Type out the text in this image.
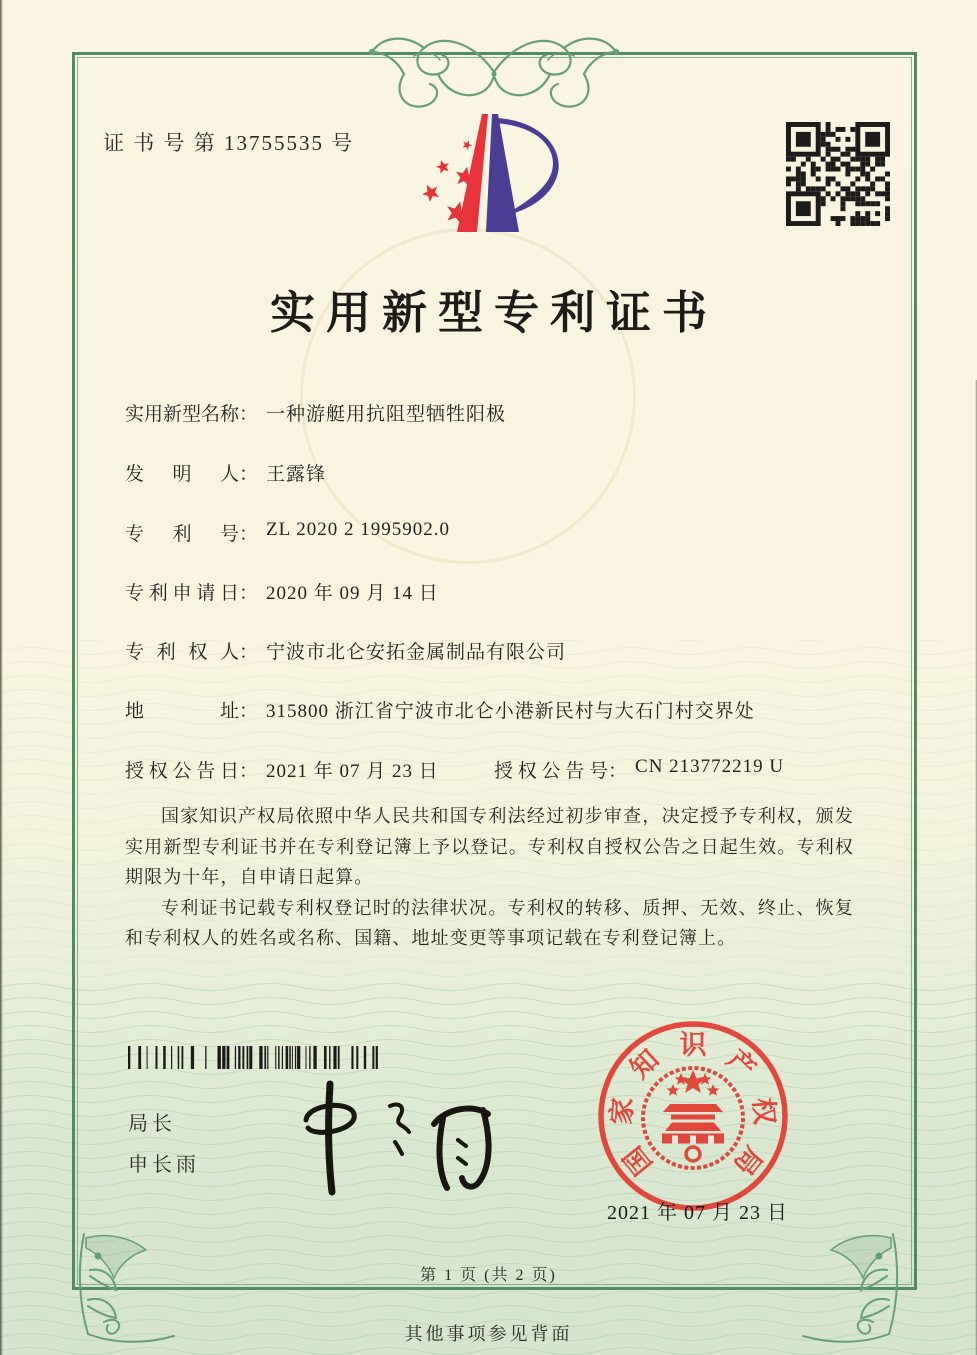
证 书 号 第 13755535 号
实用新型专利证书
实用新型名称： 一种游艇用抗阻型牺牲阳极
发明人： 王露锋
专利号： ZL 2020 2 1995902.0
专利申请日： 2020 年 09 月 14 日
专利权人： 宁波市北仑安拓金属制品有限公司
地址： 315800 浙江省宁波市北仑小港新民村与大石门村交界处
授权公告日： 2021 年 07 月 23 日	授权公告号： CN 213772219 U

国家知识产权局依照中华人民共和国专利法经过初步审查，决定授予专利权，颁发实用新型专利证书并在专利登记簿上予以登记。专利权自授权公告之日起生效。专利权期限为十年，自申请日起算。

专利证书记载专利权登记时的法律状况。专利权的转移、质押、无效、终止、恢复和专利权人的姓名或名称、国籍、地址变更等事项记载在专利登记簿上。

局长
申长雨	国
家
知 识 产
权
局
2021 年 07 月 23 日
第 1 页 (共 2 页)
其他事项参见背面
